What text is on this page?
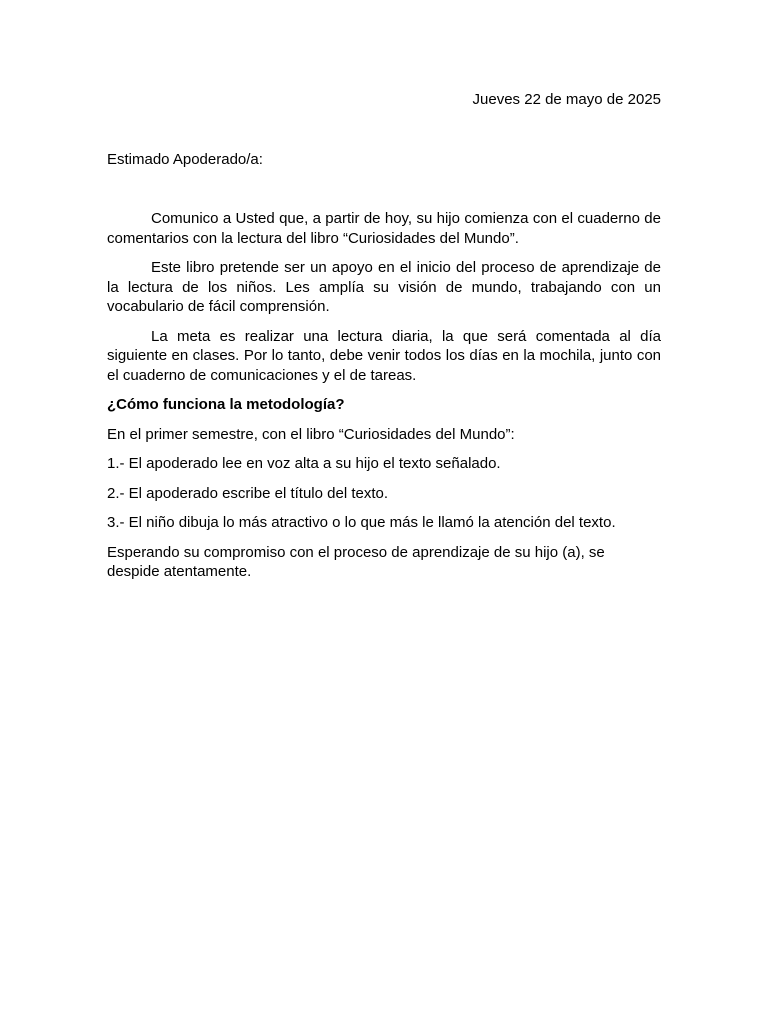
Jueves 22 de mayo de 2025
Estimado Apoderado/a:

Comunico a Usted que, a partir de hoy, su hijo comienza con el cuaderno de comentarios con la lectura del libro “Curiosidades del Mundo”.

Este libro pretende ser un apoyo en el inicio del proceso de aprendizaje de la lectura de los niños. Les amplía su visión de mundo, trabajando con un vocabulario de fácil comprensión.

La meta es realizar una lectura diaria, la que será comentada al día siguiente en clases. Por lo tanto, debe venir todos los días en la mochila, junto con el cuaderno de comunicaciones y el de tareas.

¿Cómo funciona la metodología?

En el primer semestre, con el libro “Curiosidades del Mundo”:

1.- El apoderado lee en voz alta a su hijo el texto señalado.

2.- El apoderado escribe el título del texto.

3.- El niño dibuja lo más atractivo o lo que más le llamó la atención del texto.

Esperando su compromiso con el proceso de aprendizaje de su hijo (a), se despide atentamente.
